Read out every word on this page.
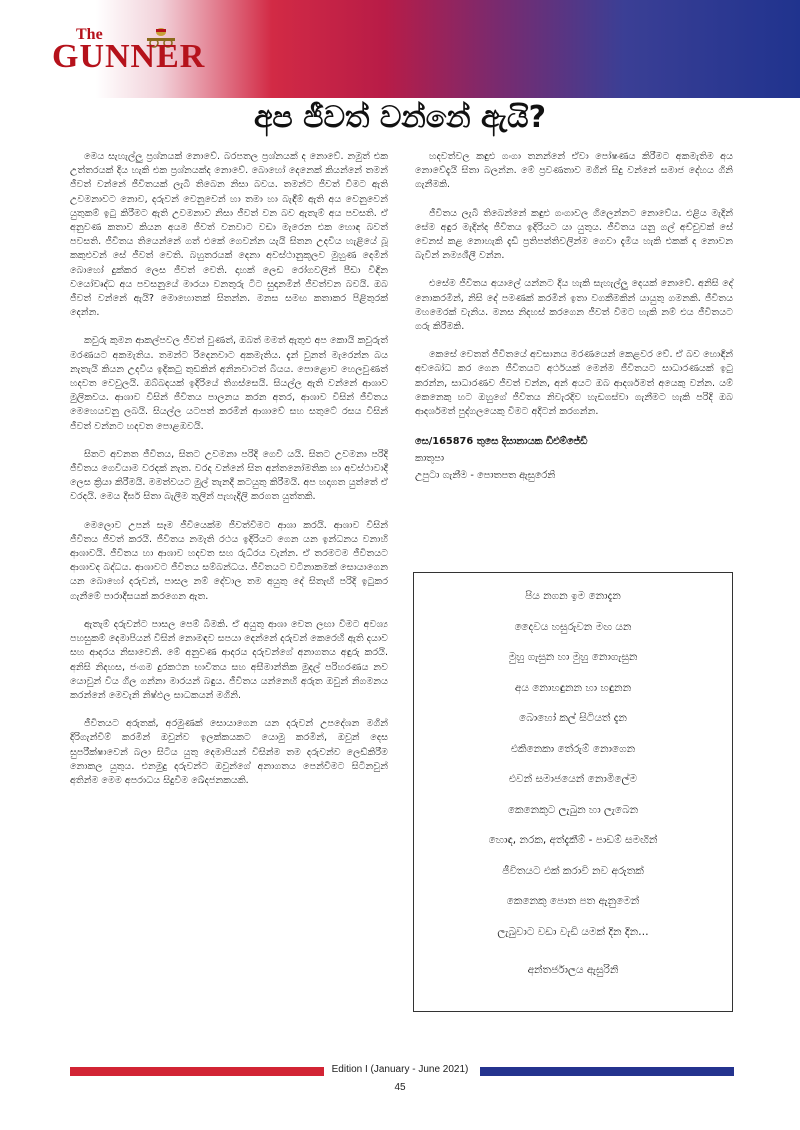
The
GUNNER
අප ජීවත් වන්නේ ඇයි?

මෙය සැහැල්ලු ප්‍රශ්නයක් නොවේ. බරපතල ප්‍රශ්නයක් ද නොවේ. නමුත් එක උත්තරයක් දිය හැකි එක ප්‍රශ්නයක්ද නොවේ. බොහෝ දෙනෙක් කියන්නේ තමන් ජීවත් වන්නේ ජීවිතයක් ලැබී තිබෙන නිසා බවය. තමන්ට ජීවත් වීමට ඇති උවමනාවට නොව, දරුවන් වෙනුවෙන් හා තමා හා බැඳීම් ඇති අය වෙනුවෙන් යුතුකම් ඉටු කිරීමට ඇති උවමනාව නිසා ජීවත් වන බව ඇතැම් අය පවසති. ඒ අනුවණ කතාව කියන අයම ජීවත් වනවාට වඩා මැරෙන එක හොඳ බවත් පවසති. ජීවිතය තියෙන්නේ ගත් එකේ ගෙවන්න යැයි සිතන උදවිය හැළියේ බූ කකුළුවන් සේ ජීවත් වෙති. බහුතරයක් දෙනා අවස්ථානුකූලව මුහුණ දෙමින් බොහෝ දුක්කර ලෙස ජීවත් වෙති. දාහක් ලෙඩ රෝගවලින් පීඩා විඳින වයෝවෘද්ධ අය පවසනුයේ මාරයා වනතුරු ටිට සුදානමින් ජීවත්වන බවයි. ඔබ ජීවත් වන්නේ ඇයි? මොහොතක් සිතන්න. මනස සමඟ කතාකර පිළිතුරක් දෙන්න.

කවුරු කුමන ආකල්පවල ජීවත් වුණත්, ඔබත් මමත් ඇතුළු අප කොයි කවුරුත් මරණයට අකමැතිය. තමන්ට රිදෙනවාට අකමැතිය. දැන් වුනත් මැරෙන්න බය නැතැයි කියන උදවිය ඉදිකටු තුඩකින් අනිනවාටත් බියය. පොළොව හෙලවුණත් හදවත වෙවුලයි. ඔබ්බදයක් ඉදිරියේ තිගස්සෙයි. සියල්ල ඇති වන්නේ ආශාව මුලිකවය. ආශාව විසින් ජීවිතය පාලනය කරන අතර, ආශාව විසින් ජීවිතය මෙහෙයවනු ලබයි. සියල්ල යටපත් කරමින් ආශාවේ සහ සතුටේ රසය විසින් ජීවත් වන්නට හදවත පොළඹවයි.

සිතට අවනත ජීවිතය, සිතට උවමනා පරිදි ගෙවී යයි. සිතට උවමනා පරිදි ජීවිතය ගෙවියාම වරදක් නැත. වරද වන්නේ සිත අන්තනෝමතික හා අවස්ථාවාදී ලෙස ක්‍රියා කිරීමයි. මමත්වයට මුල් තැනදී කටයුතු කිරීමයි. අප හදාගත යුත්තේ ඒ වරදයි. මෙය දීර්ඝ සිතා බැලීම තුලින් පැහැදිලි කරගත යුත්තකි.

මෙලොව උපන් සෑම ජීවියෙක්ම ජීවත්වීමට ආශා කරයි. ආශාව විසින් ජීවිතය ජීවත් කරයි. ජීවිතය නමැති රථය ඉදිරියට ගෙන යන ඉන්ධනය වනාහි ආශාවයි. ජීවිතය හා ආශාව හදවත සහ රුධිරය වැන්න. ඒ තරමටම ජීවිතයට ආශාවද බද්ධය. ආශාවට ජීවිතය සම්බන්ධය. ජීවිතයට වටිනාකමක් සොයාගෙන යන බොහෝ දරුවන්, පාසල නම් දේවාල තම අයුතු දේ සිතැඟි පරිදි ඉටුකර ගැනීමේ පාරාදීසයක් කරගෙන ඇත.

ඇතැම් දරුවන්ට පාසල පෙම් බිමකි. ඒ අයුතු ආශා වෙත ලඟා වීමට අවශ්‍ය පහසුකම් දෙමාපියන් විසින් නොමඳව සපයා දෙන්නේ දරුවන් කෙරෙහි ඇති දයාව සහ ආදරය නිසාවෙනි. මේ අනුවණ ආදරය දරුවන්ගේ අනාගතය අඳුරු කරයි. අනිසි නිදහස, ජංගම දුරකථන භාවිතය සහ අසීමාන්තික මුදල් පරිහරණය නව යොවුන් විය ගිල ගන්නා මාරයන් බඳුය. ජීවිතය යන්නෙහි අරුත ඔවුන් නිගමනය කරන්නේ මෙවැනි නිෂ්ඵල සාධකයන් මගිනි.

ජීවිතයට අරුතක්, අරමුණක් සොයාගෙන යන දරුවන් උපදේශන මගින් දිරිගැන්වීම් කරමින් ඔවුන්ව ඉලක්කයකට යොමු කරමින්, ඔවුන් දෙස සුපරීක්ෂාවෙන් බලා සිටිය යුතු දෙමාපියන් විසින්ම තම දරුවන්ව ලෙඩ්කිරීම නොකල යුතුය. එනමුදු දරුවන්ට ඔවුන්ගේ අනාගතය පෙන්වීමට සිටිනවුන් අතින්ම මෙම අපරාධය සිදුවීම ඛේදජනකයකි.

හදවත්වල කඳුළු ගංගා තනන්නේ ඒවා පෝෂණය කිරීමට අකමැතිම අය නොවේදැයි සිතා බලන්න. මේ ප්‍රවණතාව මගින් සිදු වන්නේ සමාජ දේහය ගිනි ගැනීමකි.

ජීවිතය ලැබී තිබෙන්නේ කඳුළු ගංගාවල ගිලෙන්නට නොවේය. එළිය මැදින් සේම අඳුර මැදින්ද ජීවිතය ඉදිරියට යා යුතුය. ජීවිතය යනු ගල් අච්චුවක් සේ වෙනස් කළ නොහැකි දැඩි ප්‍රතිපත්තිවලින්ම ගෙවා දැමිය හැකි එකක් ද නොවන බැවින් නම්‍යශීලී වන්න.

එසේම ජීවිතය අයාලේ යන්නට දිය හැකි සැහැල්ලු දෙයක් නොවේ. අනිසි දේ නොකරමින්, නිසි දේ පමණක් කරමින් ඉතා වගකීමකින් යායුතු ගමනකි. ජීවිතය මහමෙරක් වැනිය. මනස නිදහස් කරගෙන ජීවත් වීමට හැකි නම් එය ජීවිතයට ගරු කිරීමකි.

කෙසේ වෙතත් ජීවිතයේ අවසානය මරණයෙන් කෙළවර වේ. ඒ බව හොඳින් අවබෝධ කර ගෙන ජීවිතයට අර්ථයක් මෙන්ම ජීවිතයට සාධාරණයක් ඉටු කරන්න, සාධාරණව ජීවත් වන්න, අන් අයට ඔබ ආදර්ශමත් අයෙකු වන්න. යම් කෙනෙකු හට ඔහුගේ ජීවිතය නිවැරදිව හැඩගස්වා ගැනීමට හැකි පරිදි ඔබ ආදර්ශමත් පුද්ගලයෙකු වීමට අදිටන් කරගන්න.

සෙ/165876 තුසෙ දිසානායක ඩීඑම්ජේඩී
කාතුපා
උපුටා ගැනීම - පොතපත ඇසුරෙනි
පිය නගන ඉම නොදැන
දෛවය හසුරුවන මඟ යන
මුහු ගැසුන හා මුහු නොගැසුන
අය නොහඳුනන හා හඳුනන
බොහෝ කල් සිටියත් දැන
එකිනෙකා තේරුම් නොගෙන
එවන් සමාජයෙන් නොමිලේම
කෙනෙකුට ලැබුන හා ලැබෙන
හොඳ, නරක, අත්දැකීම් - පාඩම් සමඟින්
ජීවිතයට එක් කරාවි නව අරුතක්
කෙනෙකු පොත පත ඇනුමෙන්
ලැබුවාට වඩා වැඩි යමක් දින දින…
අන්තර්ජාලය ඇසුරිනි
Edition I (January - June 2021)
45
